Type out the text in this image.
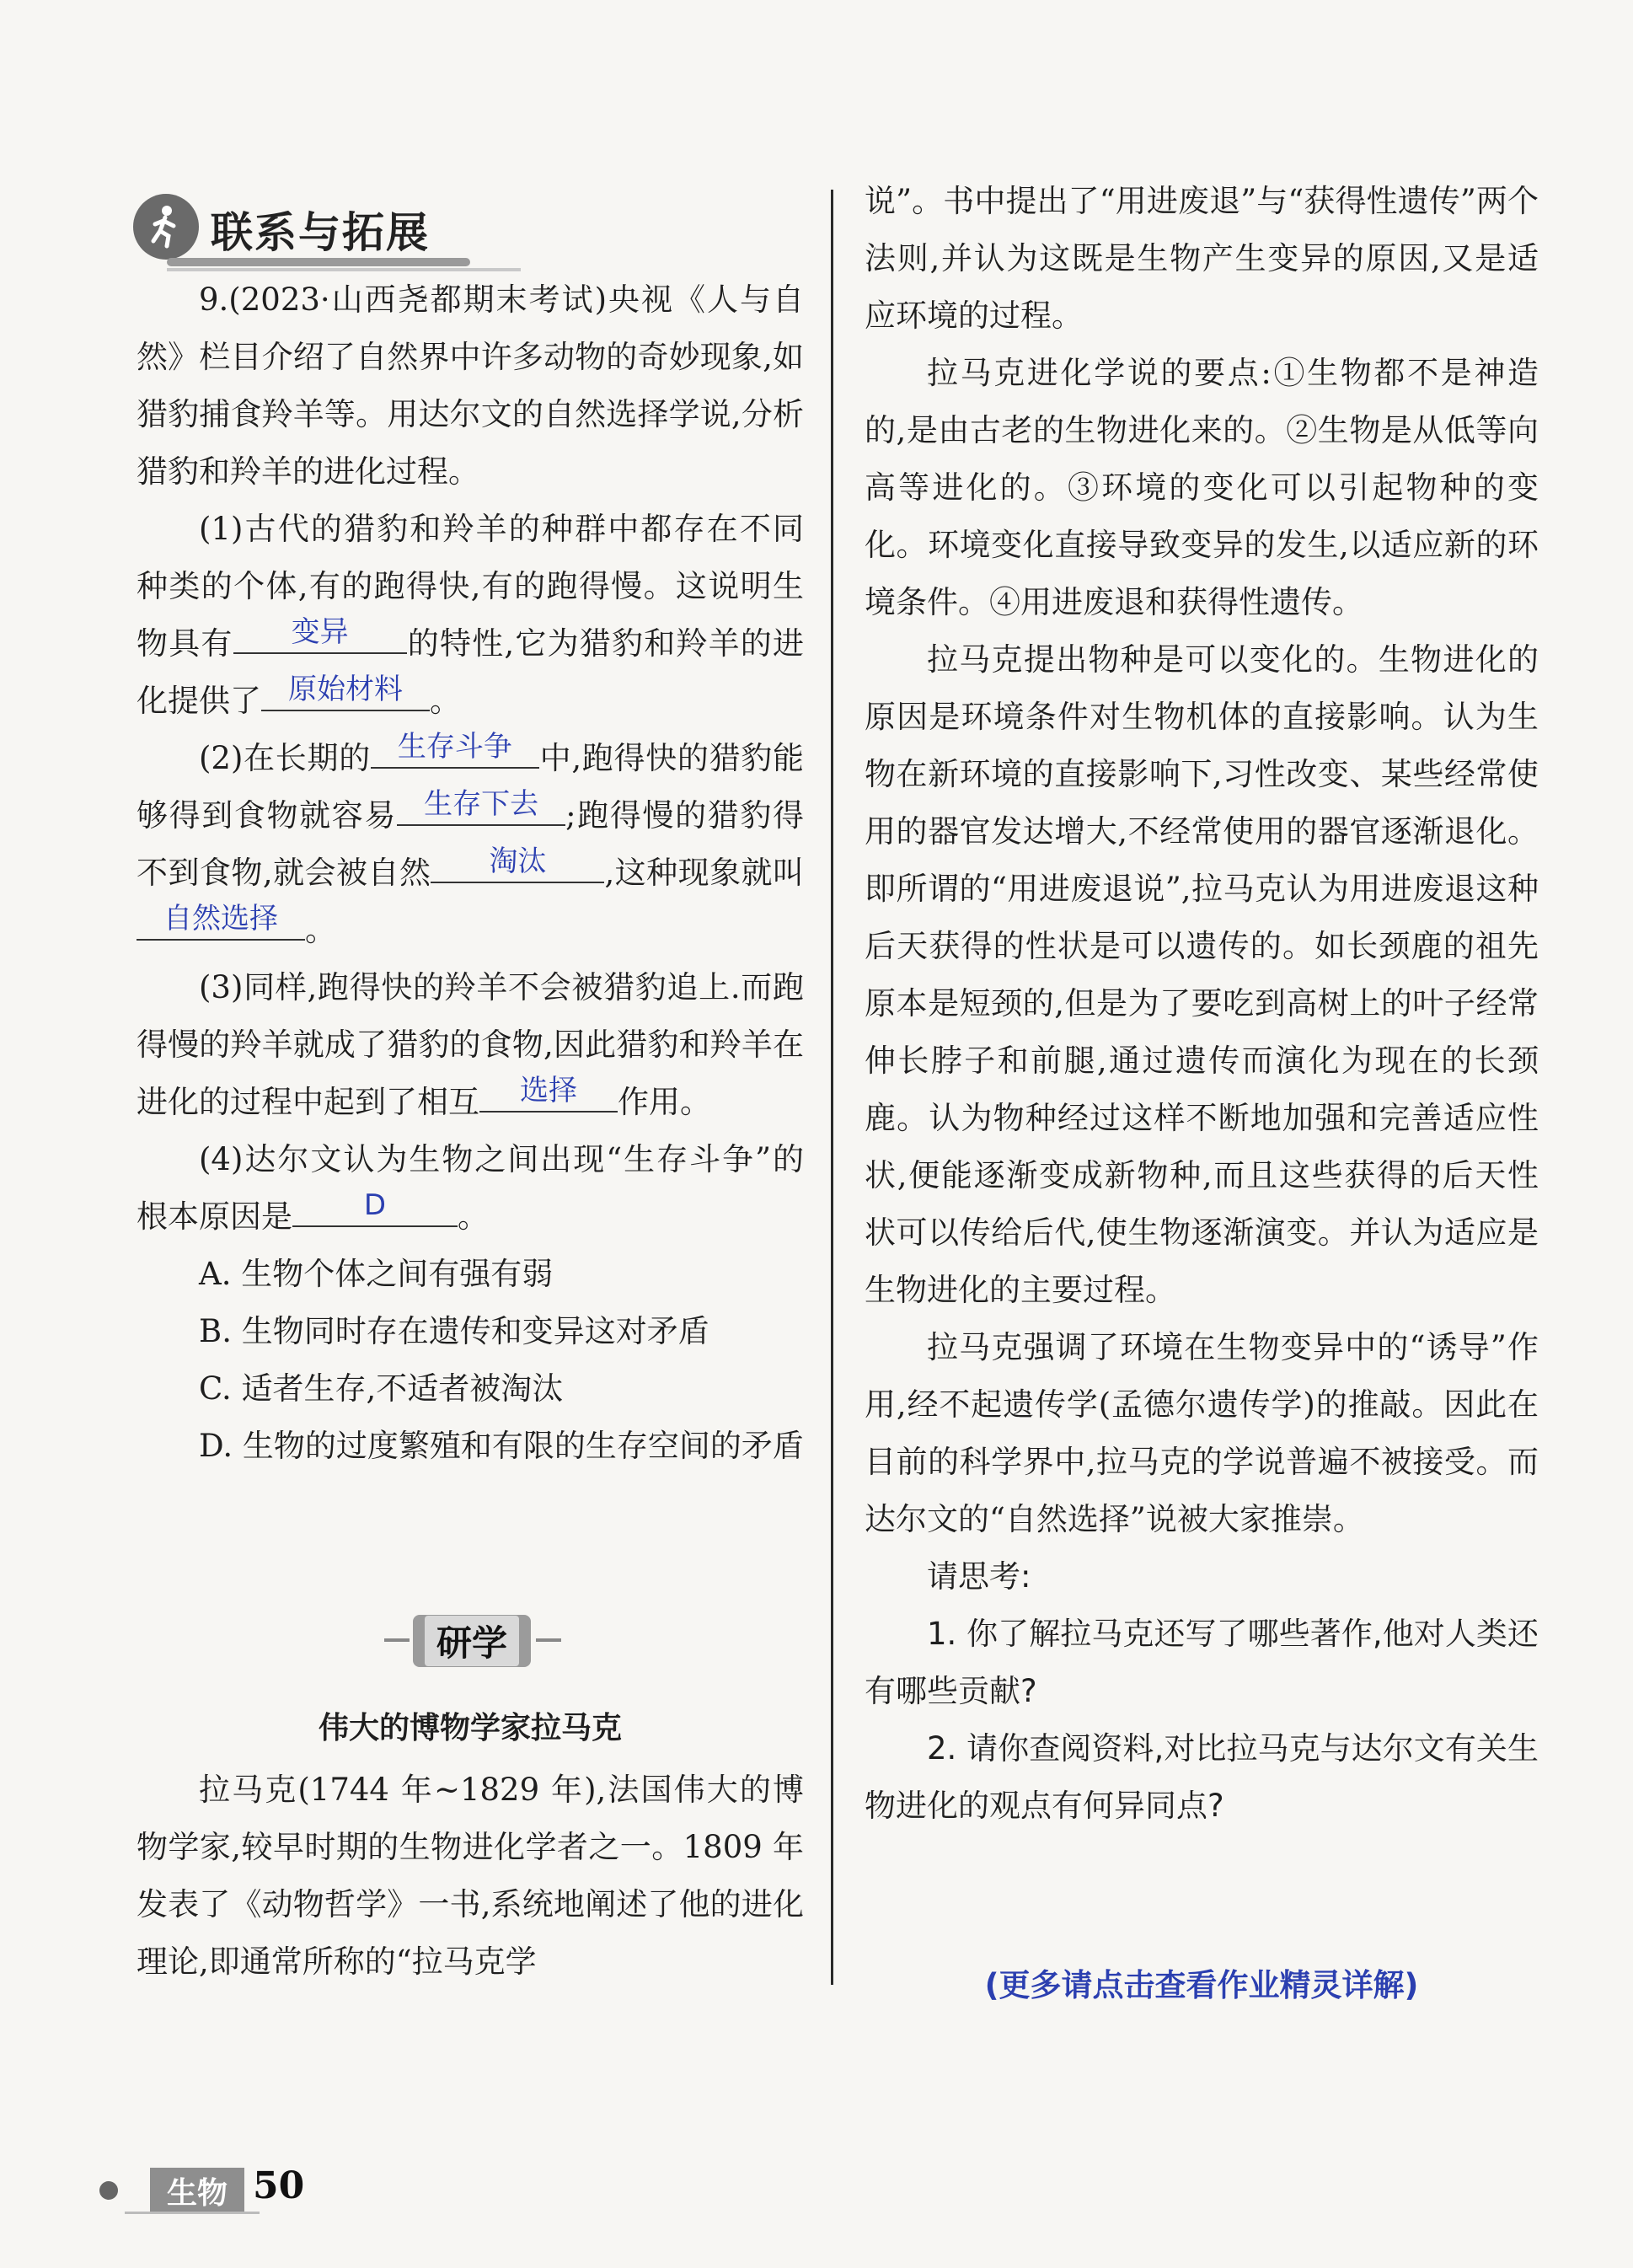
联系与拓展

9.(2023·山西尧都期末考试)央视《人与自然》栏目介绍了自然界中许多动物的奇妙现象,如猎豹捕食羚羊等。用达尔文的自然选择学说,分析猎豹和羚羊的进化过程。

(1)古代的猎豹和羚羊的种群中都存在不同种类的个体,有的跑得快,有的跑得慢。这说明生物具有	变异	的特性,它为猎豹和羚羊的进化提供了 原始材料 。

(2)在长期的 生存斗争 中,跑得快的猎豹能够得到食物就容易 生存下去 ;跑得慢的猎豹得不到食物,就会被自然	淘汰	,这种现象就叫
自然选择 。

(3)同样,跑得快的羚羊不会被猎豹追上.而跑得慢的羚羊就成了猎豹的食物,因此猎豹和羚羊在进化的过程中起到了相互	选择	作用。

(4)达尔文认为生物之间出现“生存斗争”的根本原因是	D	。

A. 生物个体之间有强有弱

B. 生物同时存在遗传和变异这对矛盾

C. 适者生存,不适者被淘汰

D. 生物的过度繁殖和有限的生存空间的矛盾

研学
伟大的博物学家拉马克

拉马克(1744 年~1829 年),法国伟大的博物学家,较早时期的生物进化学者之一。1809 年发表了《动物哲学》一书,系统地阐述了他的进化理论,即通常所称的“拉马克学

说”。书中提出了“用进废退”与“获得性遗传”两个法则,并认为这既是生物产生变异的原因,又是适应环境的过程。

拉马克进化学说的要点:①生物都不是神造的,是由古老的生物进化来的。②生物是从低等向高等进化的。③环境的变化可以引起物种的变化。环境变化直接导致变异的发生,以适应新的环境条件。④用进废退和获得性遗传。

拉马克提出物种是可以变化的。生物进化的原因是环境条件对生物机体的直接影响。认为生物在新环境的直接影响下,习性改变、某些经常使用的器官发达增大,不经常使用的器官逐渐退化。即所谓的“用进废退说”,拉马克认为用进废退这种后天获得的性状是可以遗传的。如长颈鹿的祖先原本是短颈的,但是为了要吃到高树上的叶子经常伸长脖子和前腿,通过遗传而演化为现在的长颈鹿。认为物种经过这样不断地加强和完善适应性状,便能逐渐变成新物种,而且这些获得的后天性状可以传给后代,使生物逐渐演变。并认为适应是生物进化的主要过程。

拉马克强调了环境在生物变异中的“诱导”作用,经不起遗传学(孟德尔遗传学)的推敲。因此在目前的科学界中,拉马克的学说普遍不被接受。而达尔文的“自然选择”说被大家推崇。

请思考:

1. 你了解拉马克还写了哪些著作,他对人类还有哪些贡献?

2. 请你查阅资料,对比拉马克与达尔文有关生物进化的观点有何异同点?

(更多请点击查看作业精灵详解)
生物 50
